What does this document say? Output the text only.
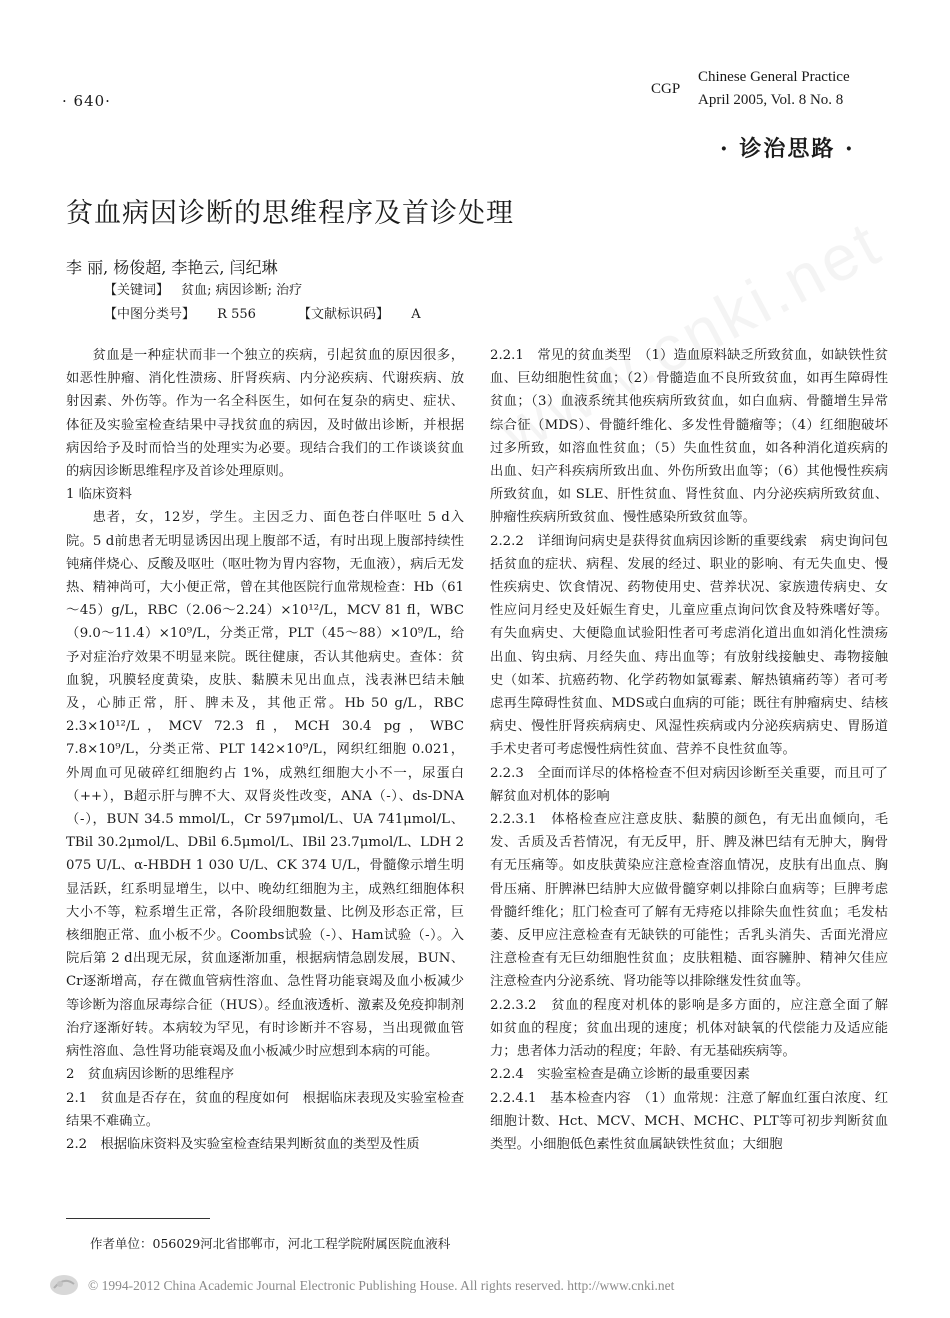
· 640·
CGP
Chinese General Practice
April 2005, Vol. 8 No. 8
· 诊治思路 ·
贫血病因诊断的思维程序及首诊处理
李 丽, 杨俊超, 李艳云, 闫纪琳
【关键词】 贫血; 病因诊断; 治疗
【中图分类号】 R 556	【文献标识码】 A

贫血是一种症状而非一个独立的疾病，引起贫血的原因很多，如恶性肿瘤、消化性溃疡、肝肾疾病、内分泌疾病、代谢疾病、放射因素、外伤等。作为一名全科医生，如何在复杂的病史、症状、体征及实验室检查结果中寻找贫血的病因，及时做出诊断，并根据病因给予及时而恰当的处理实为必要。现结合我们的工作谈谈贫血的病因诊断思维程序及首诊处理原则。

1 临床资料

患者，女，12岁，学生。主因乏力、面色苍白伴呕吐 5 d入院。5 d前患者无明显诱因出现上腹部不适，有时出现上腹部持续性钝痛伴烧心、反酸及呕吐（呕吐物为胃内容物，无血液），病后无发热、精神尚可，大小便正常，曾在其他医院行血常规检查：Hb（61～45）g/L，RBC（2.06～2.24）×10¹²/L，MCV 81 fl，WBC（9.0～11.4）×10⁹/L，分类正常，PLT（45～88）×10⁹/L，给予对症治疗效果不明显来院。既往健康，否认其他病史。查体：贫血貌，巩膜轻度黄染，皮肤、黏膜未见出血点，浅表淋巴结未触及，心肺正常，肝、脾未及，其他正常。Hb 50 g/L，RBC 2.3×10¹²/L，MCV 72.3 fl，MCH 30.4 pg，WBC 7.8×10⁹/L，分类正常、PLT 142×10⁹/L，网织红细胞 0.021，外周血可见破碎红细胞约占 1%，成熟红细胞大小不一，尿蛋白（++），B超示肝与脾不大、双肾炎性改变，ANA（-）、ds-DNA（-），BUN 34.5 mmol/L，Cr 597μmol/L、UA 741μmol/L、TBil 30.2μmol/L、DBil 6.5μmol/L、IBil 23.7μmol/L、LDH 2 075 U/L、α-HBDH 1 030 U/L、CK 374 U/L，骨髓像示增生明显活跃，红系明显增生，以中、晚幼红细胞为主，成熟红细胞体积大小不等，粒系增生正常，各阶段细胞数量、比例及形态正常，巨核细胞正常、血小板不少。Coombs试验（-）、Ham试验（-）。入院后第 2 d出现无尿，贫血逐渐加重，根据病情急剧发展，BUN、Cr逐渐增高，存在微血管病性溶血、急性肾功能衰竭及血小板减少等诊断为溶血尿毒综合征（HUS）。经血液透析、激素及免疫抑制剂治疗逐渐好转。本病较为罕见，有时诊断并不容易，当出现微血管病性溶血、急性肾功能衰竭及血小板减少时应想到本病的可能。

2　贫血病因诊断的思维程序

2.1　贫血是否存在，贫血的程度如何　根据临床表现及实验室检查结果不难确立。

2.2　根据临床资料及实验室检查结果判断贫血的类型及性质

2.2.1　常见的贫血类型　（1）造血原料缺乏所致贫血，如缺铁性贫血、巨幼细胞性贫血；（2）骨髓造血不良所致贫血，如再生障碍性贫血；（3）血液系统其他疾病所致贫血，如白血病、骨髓增生异常综合征（MDS）、骨髓纤维化、多发性骨髓瘤等；（4）红细胞破坏过多所致，如溶血性贫血；（5）失血性贫血，如各种消化道疾病的出血、妇产科疾病所致出血、外伤所致出血等；（6）其他慢性疾病所致贫血，如 SLE、肝性贫血、肾性贫血、内分泌疾病所致贫血、肿瘤性疾病所致贫血、慢性感染所致贫血等。

2.2.2　详细询问病史是获得贫血病因诊断的重要线索　病史询问包括贫血的症状、病程、发展的经过、职业的影响、有无失血史、慢性疾病史、饮食情况、药物使用史、营养状况、家族遗传病史、女性应问月经史及妊娠生育史，儿童应重点询问饮食及特殊嗜好等。有失血病史、大便隐血试验阳性者可考虑消化道出血如消化性溃疡出血、钩虫病、月经失血、痔出血等；有放射线接触史、毒物接触史（如苯、抗癌药物、化学药物如氯霉素、解热镇痛药等）者可考虑再生障碍性贫血、MDS或白血病的可能；既往有肿瘤病史、结核病史、慢性肝肾疾病病史、风湿性疾病或内分泌疾病病史、胃肠道手术史者可考虑慢性病性贫血、营养不良性贫血等。

2.2.3　全面而详尽的体格检查不但对病因诊断至关重要，而且可了解贫血对机体的影响

2.2.3.1　体格检查应注意皮肤、黏膜的颜色，有无出血倾向，毛发、舌质及舌苔情况，有无反甲，肝、脾及淋巴结有无肿大，胸骨有无压痛等。如皮肤黄染应注意检查溶血情况，皮肤有出血点、胸骨压痛、肝脾淋巴结肿大应做骨髓穿刺以排除白血病等；巨脾考虑骨髓纤维化；肛门检查可了解有无痔疮以排除失血性贫血；毛发枯萎、反甲应注意检查有无缺铁的可能性；舌乳头消失、舌面光滑应注意检查有无巨幼细胞性贫血；皮肤粗糙、面容臃肿、精神欠佳应注意检查内分泌系统、肾功能等以排除继发性贫血等。

2.2.3.2　贫血的程度对机体的影响是多方面的，应注意全面了解　如贫血的程度；贫血出现的速度；机体对缺氧的代偿能力及适应能力；患者体力活动的程度；年龄、有无基础疾病等。

2.2.4　实验室检查是确立诊断的最重要因素

2.2.4.1　基本检查内容　（1）血常规：注意了解血红蛋白浓度、红细胞计数、Hct、MCV、MCH、MCHC、PLT等可初步判断贫血类型。小细胞低色素性贫血属缺铁性贫血；大细胞

作者单位：056029河北省邯郸市，河北工程学院附属医院血液科
© 1994-2012 China Academic Journal Electronic Publishing House. All rights reserved. http://www.cnki.net
